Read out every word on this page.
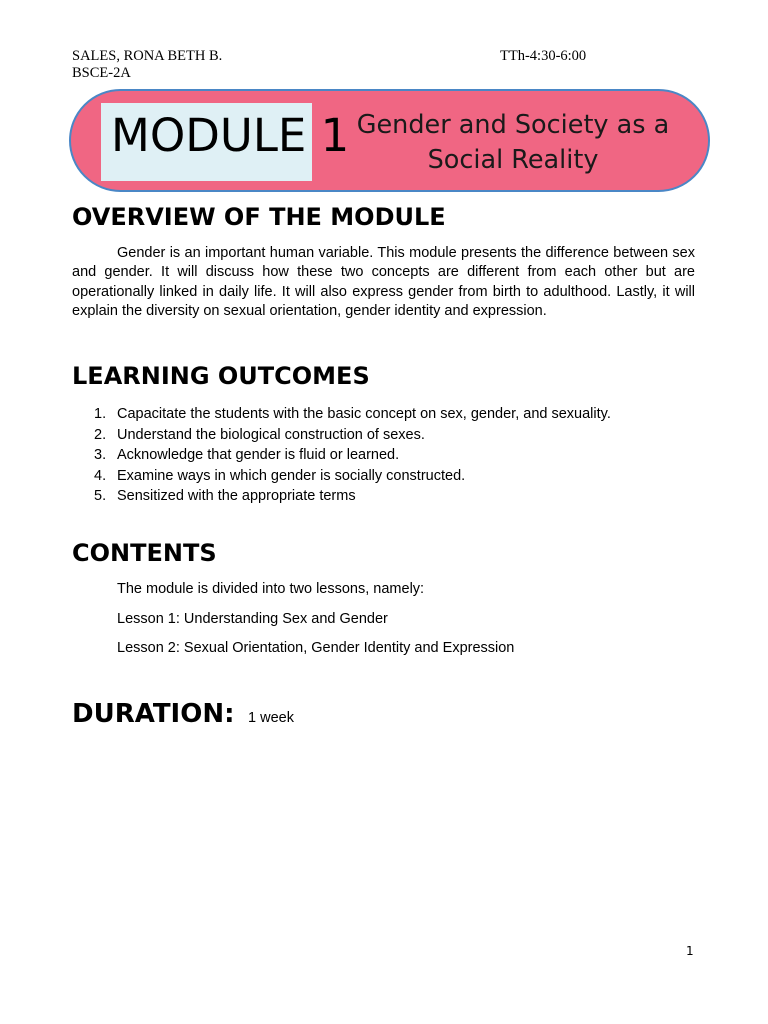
SALES, RONA BETH B.
BSCE-2A
TTh-4:30-6:00
MODULE 1 Gender and Society as a
Social Reality
OVERVIEW OF THE MODULE

Gender is an important human variable. This module presents the difference between sex and gender. It will discuss how these two concepts are different from each other but are operationally linked in daily life. It will also express gender from birth to adulthood. Lastly, it will explain the diversity on sexual orientation, gender identity and expression.

LEARNING OUTCOMES
1. Capacitate the students with the basic concept on sex, gender, and sexuality.
2. Understand the biological construction of sexes.
3. Acknowledge that gender is fluid or learned.
4. Examine ways in which gender is socially constructed.
5. Sensitized with the appropriate terms
CONTENTS
The module is divided into two lessons, namely:
Lesson 1: Understanding Sex and Gender
Lesson 2: Sexual Orientation, Gender Identity and Expression
DURATION: 1 week
1
